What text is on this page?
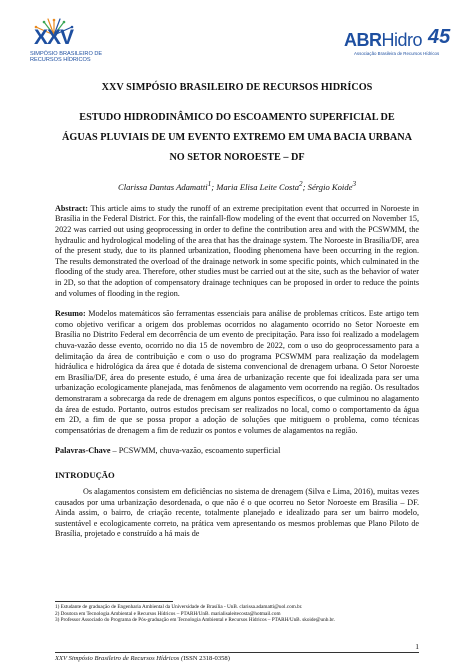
XXV
SIMPÓSIO BRASILEIRO DE
RECURSOS HÍDRICOS
ABRHidro 45
Associação Brasileira de Recursos Hídricos
XXV SIMPÓSIO BRASILEIRO DE RECURSOS HIDRÍCOS
ESTUDO HIDRODINÂMICO DO ESCOAMENTO SUPERFICIAL DE
ÁGUAS PLUVIAIS DE UM EVENTO EXTREMO EM UMA BACIA URBANA
NO SETOR NOROESTE – DF
Clarissa Dantas Adamatti$^1$; Maria Elisa Leite Costa$^2$; Sérgio Koide$^3$

Abstract: This article aims to study the runoff of an extreme precipitation event that occurred in Noroeste in Brasília in the Federal District. For this, the rainfall-flow modeling of the event that occurred on November 15, 2022 was carried out using geoprocessing in order to define the contribution area and with the PCSWMM, the hydraulic and hydrological modeling of the area that has the drainage system. The Noroeste in Brasília/DF, area of the present study, due to its planned urbanization, flooding phenomena have been occurring in the region. The results demonstrated the overload of the drainage network in some specific points, which culminated in the flooding of the study area. Therefore, other studies must be carried out at the site, such as the behavior of water in 2D, so that the adoption of compensatory drainage techniques can be proposed in order to reduce the points and volumes of flooding in the region.

Resumo: Modelos matemáticos são ferramentas essenciais para análise de problemas críticos. Este artigo tem como objetivo verificar a origem dos problemas ocorridos no alagamento ocorrido no Setor Noroeste em Brasília no Distrito Federal em decorrência de um evento de precipitação. Para isso foi realizado a modelagem chuva-vazão desse evento, ocorrido no dia 15 de novembro de 2022, com o uso do geoprocessamento para a delimitação da área de contribuição e com o uso do programa PCSWMM para realização da modelagem hidráulica e hidrológica da área que é dotada de sistema convencional de drenagem urbana. O Setor Noroeste em Brasília/DF, área do presente estudo, é uma área de urbanização recente que foi idealizada para ser uma urbanização ecologicamente planejada, mas fenômenos de alagamento vem ocorrendo na região. Os resultados demonstraram a sobrecarga da rede de drenagem em alguns pontos específicos, o que culminou no alagamento da área de estudo. Portanto, outros estudos precisam ser realizados no local, como o comportamento da água em 2D, a fim de que se possa propor a adoção de soluções que mitiguem o problema, como técnicas compensatórias de drenagem a fim de reduzir os pontos e volumes de alagamentos na região.

Palavras-Chave – PCSWMM, chuva-vazão, escoamento superficial

INTRODUÇÃO

Os alagamentos consistem em deficiências no sistema de drenagem (Silva e Lima, 2016), muitas vezes causados por uma urbanização desordenada, o que não é o que ocorreu no Setor Noroeste em Brasília – DF. Ainda assim, o bairro, de criação recente, totalmente planejado e idealizado para ser um bairro modelo, sustentável e ecologicamente correto, na prática vem apresentando os mesmos problemas que Plano Piloto de Brasília, projetado e construído a há mais de

1) Estudante de graduação de Engenharia Ambiental da Universidade de Brasília - UnB. clarissa.adamatti@uol.com.br.
2) Doutora em Tecnologia Ambiental e Recursos Hídricos – PTARH/UnB. marialisaleitecosta@hotmail.com
3) Professor Associado do Programa de Pós-graduação em Tecnologia Ambiental e Recursos Hídricos – PTARH/UnB. skoide@unb.br.
1
XXV Simpósio Brasileiro de Recursos Hídricos (ISSN 2318-0358)
